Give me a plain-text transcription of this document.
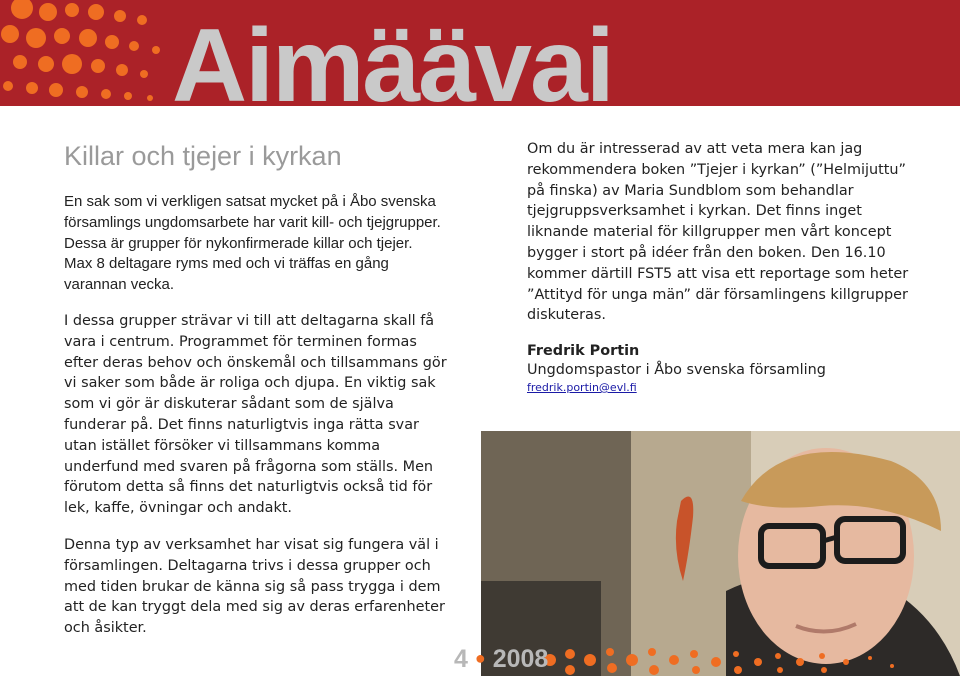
Aimäävai
Killar och tjejer i kyrkan

En sak som vi verkligen satsat mycket på i Åbo svenska församlings ungdomsarbete har varit kill- och tjejgrupper. Dessa är grupper för nykonfirmerade killar och tjejer. Max 8 deltagare ryms med och vi träffas en gång varannan vecka.

I dessa grupper strävar vi till att deltagarna skall få vara i centrum. Programmet för terminen formas efter deras behov och önskemål och tillsammans gör vi saker som både är roliga och djupa. En viktig sak som vi gör är diskuterar sådant som de själva funderar på. Det finns naturligtvis inga rätta svar utan istället försöker vi tillsammans komma underfund med svaren på frågorna som ställs. Men förutom detta så finns det naturligtvis också tid för lek, kaffe, övningar och andakt.

Denna typ av verksamhet har visat sig fungera väl i församlingen. Deltagarna trivs i dessa grupper och med tiden brukar de känna sig så pass trygga i dem att de kan tryggt dela med sig av deras erfarenheter och åsikter.

Om du är intresserad av att veta mera kan jag rekommendera boken ”Tjejer i kyrkan” (”Helmijuttu” på finska) av Maria Sundblom som behandlar tjejgruppsverksamhet i kyrkan. Det finns inget liknande material för killgrupper men vårt koncept bygger i stort på idéer från den boken. Den 16.10 kommer därtill FST5 att visa ett reportage som heter ”Attityd för unga män” där församlingens killgrupper diskuteras.

Fredrik Portin
Ungdomspastor i Åbo svenska församling
fredrik.portin@evl.fi
4 ● 2008
